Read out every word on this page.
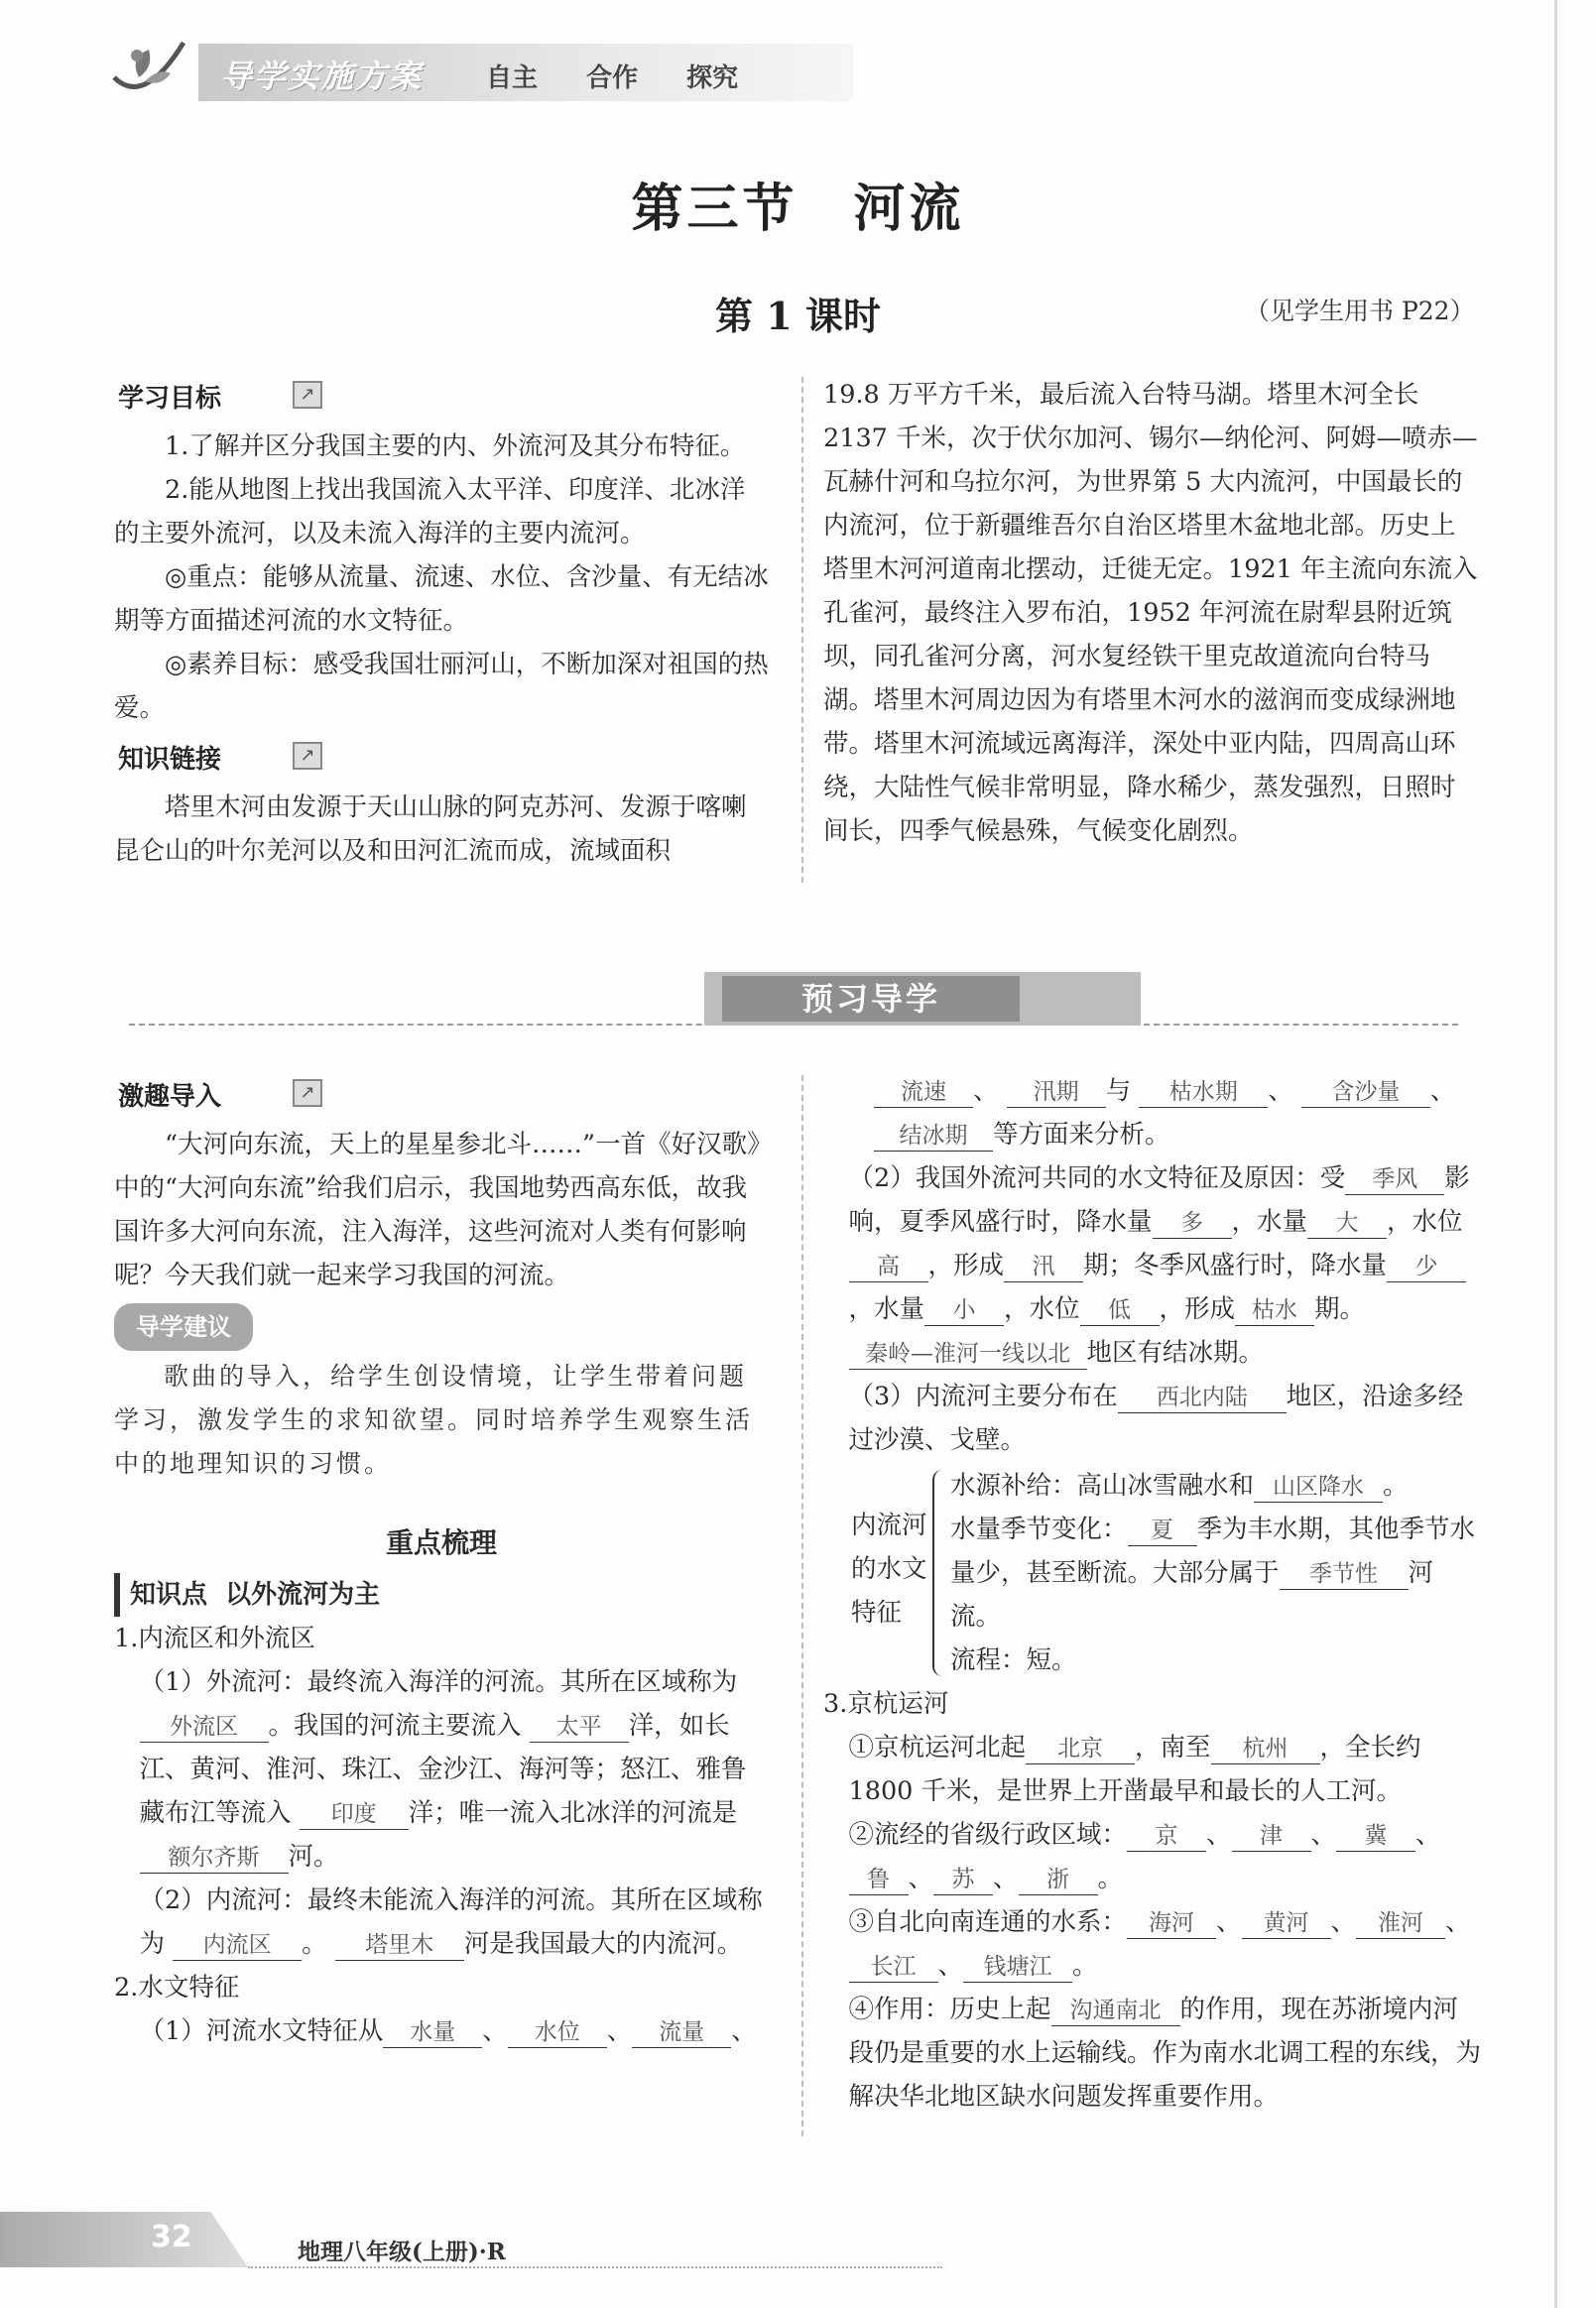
导学实施方案 自主 合作 探究
第三节　河流
第 1 课时	（见学生用书 P22）
学习目标	↗

1.了解并区分我国主要的内、外流河及其分布特征。

2.能从地图上找出我国流入太平洋、印度洋、北冰洋的主要外流河，以及未流入海洋的主要内流河。

◎重点：能够从流量、流速、水位、含沙量、有无结冰期等方面描述河流的水文特征。

◎素养目标：感受我国壮丽河山，不断加深对祖国的热爱。

知识链接	↗

塔里木河由发源于天山山脉的阿克苏河、发源于喀喇昆仑山的叶尔羌河以及和田河汇流而成，流域面积

19.8 万平方千米，最后流入台特马湖。塔里木河全长 2137 千米，次于伏尔加河、锡尔—纳伦河、阿姆—喷赤—瓦赫什河和乌拉尔河，为世界第 5 大内流河，中国最长的内流河，位于新疆维吾尔自治区塔里木盆地北部。历史上塔里木河河道南北摆动，迁徙无定。1921 年主流向东流入孔雀河，最终注入罗布泊，1952 年河流在尉犁县附近筑坝，同孔雀河分离，河水复经铁干里克故道流向台特马湖。塔里木河周边因为有塔里木河水的滋润而变成绿洲地带。塔里木河流域远离海洋，深处中亚内陆，四周高山环绕，大陆性气候非常明显，降水稀少，蒸发强烈，日照时间长，四季气候悬殊，气候变化剧烈。

预习导学
激趣导入	↗

“大河向东流，天上的星星参北斗……”一首《好汉歌》中的“大河向东流”给我们启示，我国地势西高东低，故我国许多大河向东流，注入海洋，这些河流对人类有何影响呢？今天我们就一起来学习我国的河流。

导学建议

歌曲的导入，给学生创设情境，让学生带着问题学习，激发学生的求知欲望。同时培养学生观察生活中的地理知识的习惯。

重点梳理
知识点 以外流河为主
1.内流区和外流区
（1）外流河：最终流入海洋的河流。其所在区域称为 外流区 。我国的河流主要流入 太平 洋，如长江、黄河、淮河、珠江、金沙江、海河等；怒江、雅鲁藏布江等流入 印度 洋；唯一流入北冰洋的河流是 额尔齐斯 河。
（2）内流河：最终未能流入海洋的河流。其所在区域称为 内流区 。 塔里木 河是我国最大的内流河。
2.水文特征
（1）河流水文特征从 水量 、 水位 、 流量 、
流速 、 汛期 与 枯水期 、 含沙量 、 结冰期 等方面来分析。
（2）我国外流河共同的水文特征及原因：受 季风 影响，夏季风盛行时，降水量 多 ，水量 大 ，水位高 ，形成 汛 期；冬季风盛行时，降水量 少，水量 小 ，水位 低 ，形成 枯水 期。秦岭—淮河一线以北 地区有结冰期。
（3）内流河主要分布在 西北内陆 地区，沿途多经过沙漠、戈壁。
内流河的水文特征
水源补给：高山冰雪融水和 山区降水 。
水量季节变化： 夏 季为丰水期，其他季节水量少，甚至断流。大部分属于 季节性 河流。
流程：短。
3.京杭运河
①京杭运河北起 北京 ，南至 杭州 ，全长约 1800 千米，是世界上开凿最早和最长的人工河。
②流经的省级行政区域： 京 、 津 、 冀 、鲁 、 苏 、 浙 。
③自北向南连通的水系： 海河 、 黄河 、 淮河 、长江 、 钱塘江 。
④作用：历史上起 沟通南北 的作用，现在苏浙境内河段仍是重要的水上运输线。作为南水北调工程的东线，为解决华北地区缺水问题发挥重要作用。
32	地理八年级(上册)·R
